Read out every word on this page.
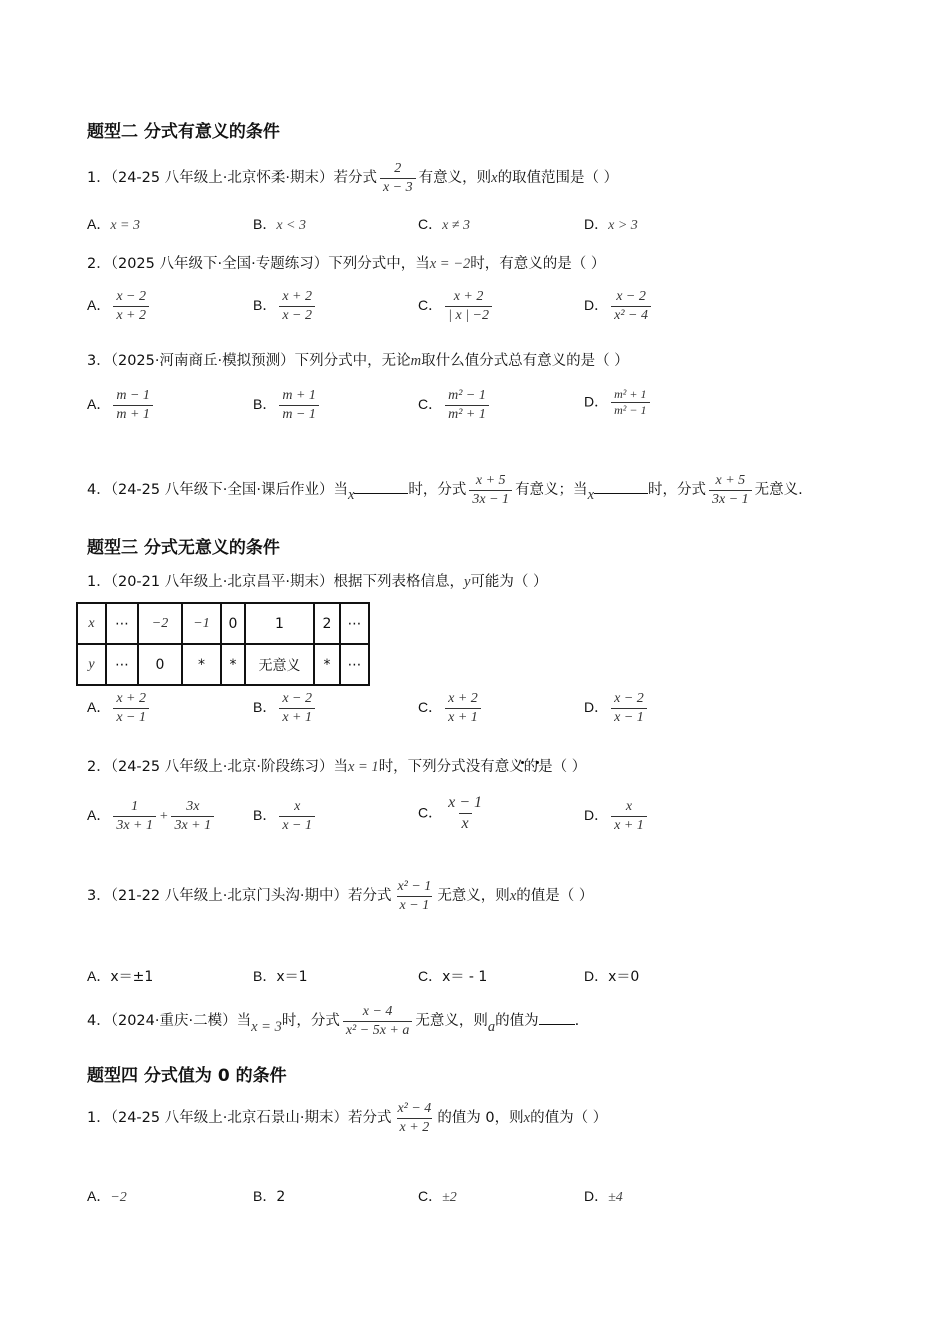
题型二 分式有意义的条件
1．（24-25 八年级上·北京怀柔·期末）若分式 $\frac{2}{x - 3}$ 有意义，则x的取值范围是（ ）
A．x = 3	B．x < 3	C．x ≠ 3	D．x > 3
2．（2025 八年级下·全国·专题练习）下列分式中，当x = −2时，有意义的是（ ）
A． $\frac{x - 2}{x + 2}$	B． $\frac{x + 2}{x - 2}$	C． $\frac{x + 2}{| x | -2}$	D． $\frac{x - 2}{\text{x² − 4}}$
3．（2025·河南商丘·模拟预测）下列分式中，无论m取什么值分式总有意义的是（ ）
A． $\frac{m - 1}{m + 1}$	B． $\frac{m + 1}{m - 1}$	C． $\frac{\text{m² − 1}}{\text{m² + 1}}$	D． $\frac{\text{m² + 1}}{\text{m² − 1}}$
4．（24-25 八年级下·全国·课后作业）当x	时，分式 $\frac{x + 5}{3x - 1}$ 有意义；当x	时，分式 $\frac{x + 5}{3x - 1}$ 无意义.
题型三 分式无意义的条件
1．（20-21 八年级上·北京昌平·期末）根据下列表格信息，y可能为（ ）
x	⋯	−2	−1	0	1	2	⋯
y	⋯	0	*	*	无意义	*	⋯
A． $\frac{x + 2}{x - 1}$	B． $\frac{x - 2}{x + 1}$	C． $\frac{x + 2}{x + 1}$	D． $\frac{x - 2}{x - 1}$
2．（24-25 八年级上·北京·阶段练习）当x = 1时，下列分式没有意义的是（ ）
A． $\frac{1}{3x + 1} + \frac{3x}{3x + 1}$	B． $\frac{x}{x - 1}$	C． $\frac{x - 1}{x}$	D． $\frac{x}{x + 1}$
3．（21-22 八年级上·北京门头沟·期中）若分式 $\frac{\text{x² − 1}}{x - 1}$ 无意义，则x的值是（ ）
A．x＝±1	B．x＝1	C．x＝ - 1	D．x＝0
4．（2024·重庆·二模）当x = 3时，分式 $\frac{x - 4}{\text{x² − 5x + a}}$ 无意义，则a的值为 .
题型四 分式值为 0 的条件
1．（24-25 八年级上·北京石景山·期末）若分式 $\frac{\text{x² − 4}}{x + 2}$ 的值为 0，则x的值为（ ）
A．−2	B．2	C．±2	D．±4
